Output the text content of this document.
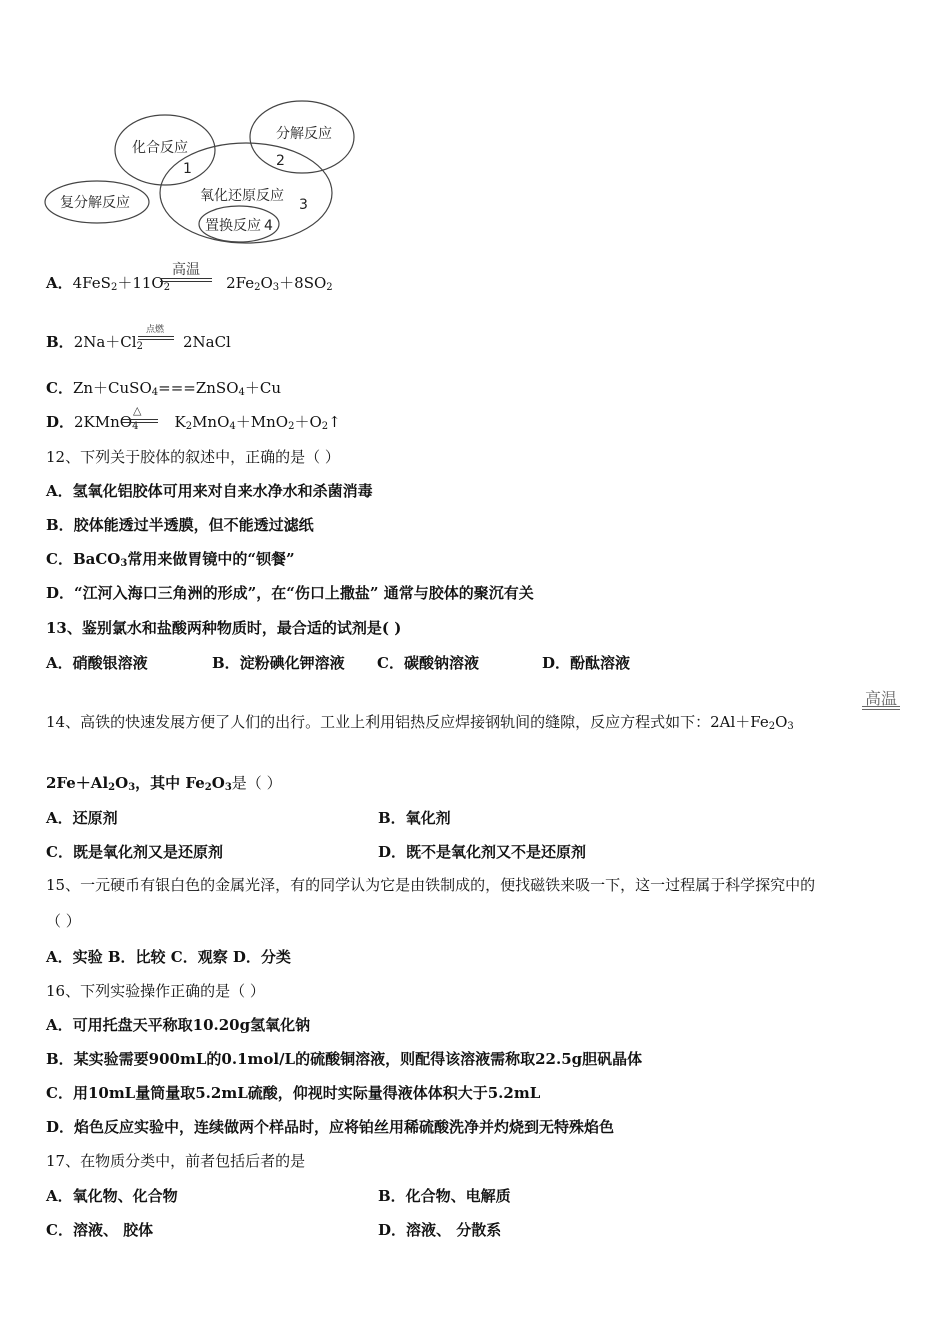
化合反应
1
分解反应
2
氧化还原反应
3
置换反应 4
复分解反应
A．$4FeS_2+11O_2$	$2Fe_2O_3+8SO_2$
高温
B．$2Na+Cl_2$	2NaCl
点燃
C．Zn＋CuSO$_4$===ZnSO$_4$＋Cu
D．2KMnO$_4$ $K_2MnO_4+MnO_2+O_2↑$
△
12、下列关于胶体的叙述中，正确的是（ ）
A．氢氧化铝胶体可用来对自来水净水和杀菌消毒
B．胶体能透过半透膜，但不能透过滤纸
C．BaCO$_3$常用来做胃镜中的“钡餐”
D．“江河入海口三角洲的形成”，在“伤口上撒盐” 通常与胶体的聚沉有关
13、鉴别氯水和盐酸两种物质时，最合适的试剂是( )
A．硝酸银溶液	B．淀粉碘化钾溶液 C．碳酸钠溶液	D．酚酞溶液
14、高铁的快速发展方便了人们的出行。工业上利用铝热反应焊接钢轨间的缝隙，反应方程式如下：$2Al+Fe_2O_3$
高温
$2Fe+Al_2O_3$，其中 $Fe_2O_3$是（ ）
A．还原剂	B．氧化剂
C．既是氧化剂又是还原剂	D．既不是氧化剂又不是还原剂
15、一元硬币有银白色的金属光泽，有的同学认为它是由铁制成的，便找磁铁来吸一下，这一过程属于科学探究中的
（ ）
A．实验 B．比较 C．观察 D．分类
16、下列实验操作正确的是（ ）
A．可用托盘天平称取10.20g氢氧化钠
B．某实验需要900mL的0.1mol/L的硫酸铜溶液，则配得该溶液需称取22.5g胆矾晶体
C．用10mL量筒量取5.2mL硫酸，仰视时实际量得液体体积大于5.2mL
D．焰色反应实验中，连续做两个样品时，应将铂丝用稀硫酸洗净并灼烧到无特殊焰色
17、在物质分类中，前者包括后者的是
A．氧化物、化合物	B．化合物、电解质
C．溶液、 胶体	D．溶液、 分散系
